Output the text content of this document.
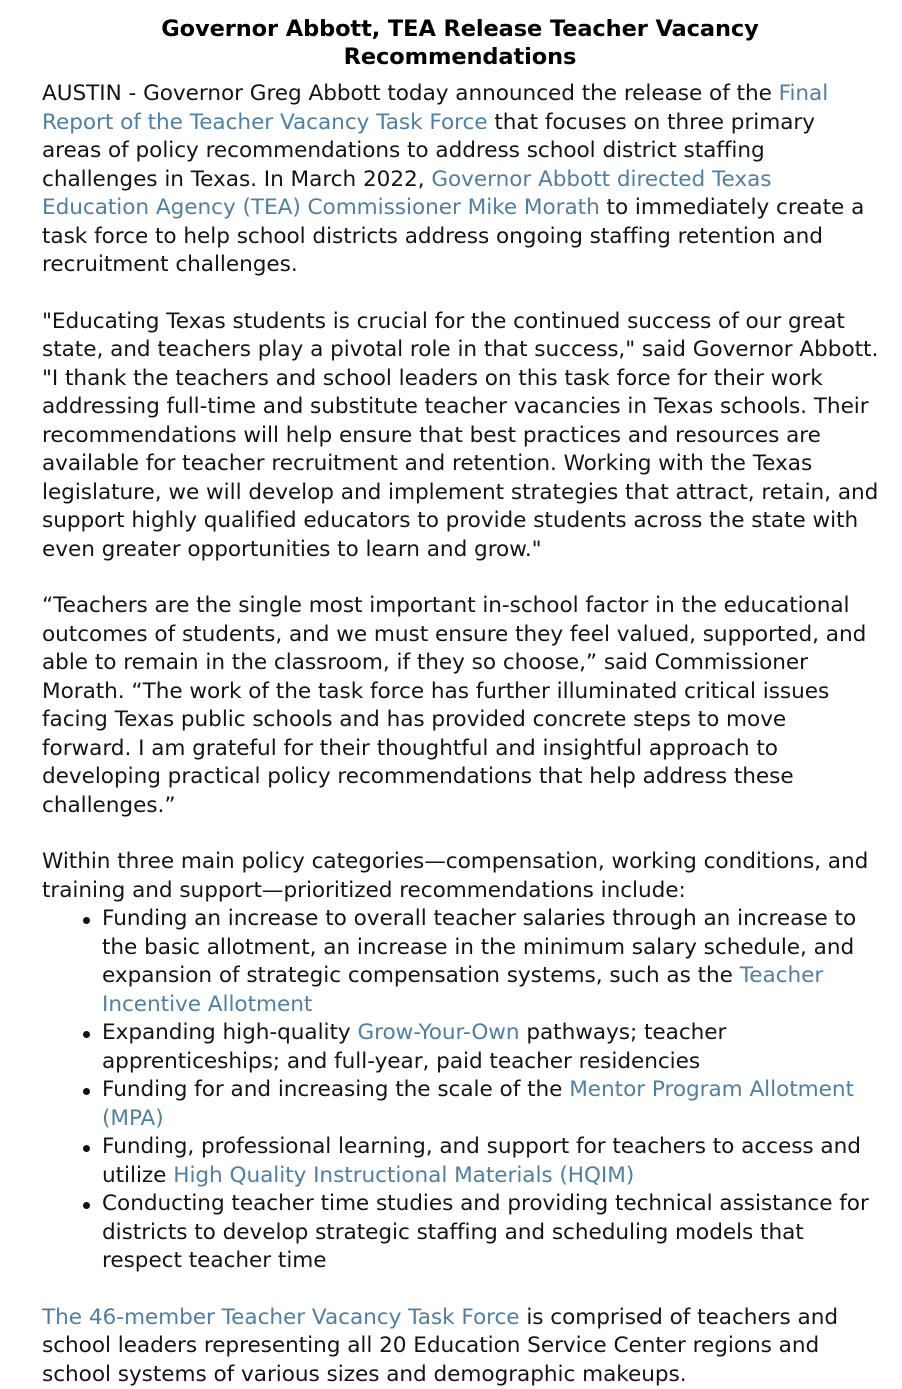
Governor Abbott, TEA Release Teacher Vacancy Recommendations

AUSTIN - Governor Greg Abbott today announced the release of the Final Report of the Teacher Vacancy Task Force that focuses on three primary areas of policy recommendations to address school district staffing challenges in Texas. In March 2022, Governor Abbott directed Texas Education Agency (TEA) Commissioner Mike Morath to immediately create a task force to help school districts address ongoing staffing retention and recruitment challenges.

"Educating Texas students is crucial for the continued success of our great state, and teachers play a pivotal role in that success," said Governor Abbott. "I thank the teachers and school leaders on this task force for their work addressing full-time and substitute teacher vacancies in Texas schools. Their recommendations will help ensure that best practices and resources are available for teacher recruitment and retention. Working with the Texas legislature, we will develop and implement strategies that attract, retain, and support highly qualified educators to provide students across the state with even greater opportunities to learn and grow."

“Teachers are the single most important in-school factor in the educational outcomes of students, and we must ensure they feel valued, supported, and able to remain in the classroom, if they so choose,” said Commissioner Morath. “The work of the task force has further illuminated critical issues facing Texas public schools and has provided concrete steps to move forward. I am grateful for their thoughtful and insightful approach to developing practical policy recommendations that help address these challenges.”

Within three main policy categories—compensation, working conditions, and training and support—prioritized recommendations include:

Funding an increase to overall teacher salaries through an increase to the basic allotment, an increase in the minimum salary schedule, and expansion of strategic compensation systems, such as the Teacher Incentive Allotment
Expanding high-quality Grow-Your-Own pathways; teacher apprenticeships; and full-year, paid teacher residencies
Funding for and increasing the scale of the Mentor Program Allotment (MPA)
Funding, professional learning, and support for teachers to access and utilize High Quality Instructional Materials (HQIM)
Conducting teacher time studies and providing technical assistance for districts to develop strategic staffing and scheduling models that respect teacher time

The 46-member Teacher Vacancy Task Force is comprised of teachers and school leaders representing all 20 Education Service Center regions and school systems of various sizes and demographic makeups.
